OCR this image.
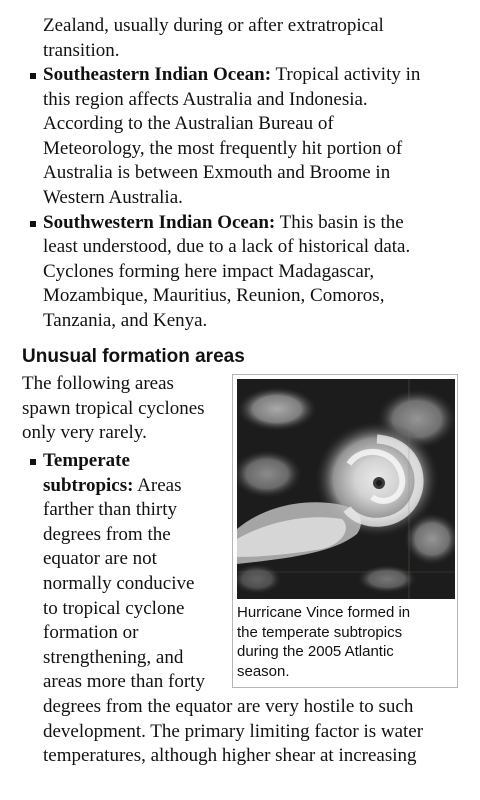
Zealand, usually during or after extratropical
transition.

Southeastern Indian Ocean: Tropical activity in
this region affects Australia and Indonesia.
According to the Australian Bureau of
Meteorology, the most frequently hit portion of
Australia is between Exmouth and Broome in
Western Australia.
Southwestern Indian Ocean: This basin is the
least understood, due to a lack of historical data.
Cyclones forming here impact Madagascar,
Mozambique, Mauritius, Reunion, Comoros,
Tanzania, and Kenya.
Unusual formation areas

Hurricane Vince formed in
the temperate subtropics
during the 2005 Atlantic
season.

The following areas
spawn tropical cyclones
only very rarely.

Temperate
subtropics: Areas
farther than thirty
degrees from the
equator are not
normally conducive
to tropical cyclone
formation or
strengthening, and
areas more than forty
degrees from the equator are very hostile to such
development. The primary limiting factor is water
temperatures, although higher shear at increasing
